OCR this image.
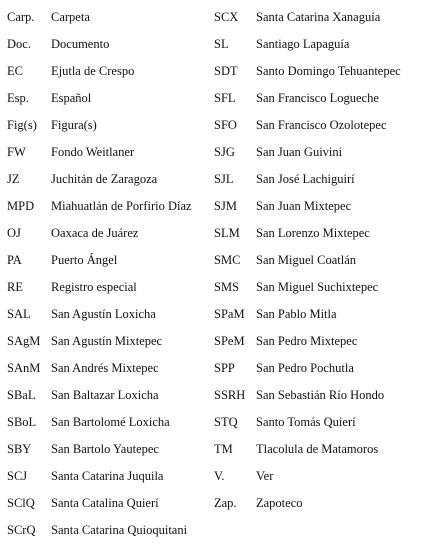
Carp.	Carpeta	SCX	Santa Catarina Xanaguía
Doc.	Documento	SL	Santiago Lapaguía
EC	Ejutla de Crespo	SDT	Santo Domingo Tehuantepec
Esp.	Español	SFL	San Francisco Logueche
Fig(s)	Figura(s)	SFO	San Francisco Ozolotepec
FW	Fondo Weitlaner	SJG	San Juan Guivini
JZ	Juchitán de Zaragoza	SJL	San José Lachiguirí
MPD	Miahuatlán de Porfirio Díaz	SJM	San Juan Mixtepec
OJ	Oaxaca de Juárez	SLM	San Lorenzo Mixtepec
PA	Puerto Ángel	SMC	San Miguel Coatlán
RE	Registro especial	SMS	San Miguel Suchixtepec
SAL	San Agustín Loxicha	SPaM San Pablo Mitla
SAgM San Agustín Mixtepec	SPeM San Pedro Mixtepec
SAnM San Andrés Mixtepec	SPP	San Pedro Pochutla
SBaL	San Baltazar Loxicha	SSRH San Sebastián Río Hondo
SBoL	San Bartolomé Loxicha	STQ	Santo Tomás Quierí
SBY	San Bartolo Yautepec	TM	Tlacolula de Matamoros
SCJ	Santa Catarina Juquila	V.	Ver
SClQ	Santa Catalina Quierí	Zap.	Zapoteco
SCrQ	Santa Catarina Quioquitani
